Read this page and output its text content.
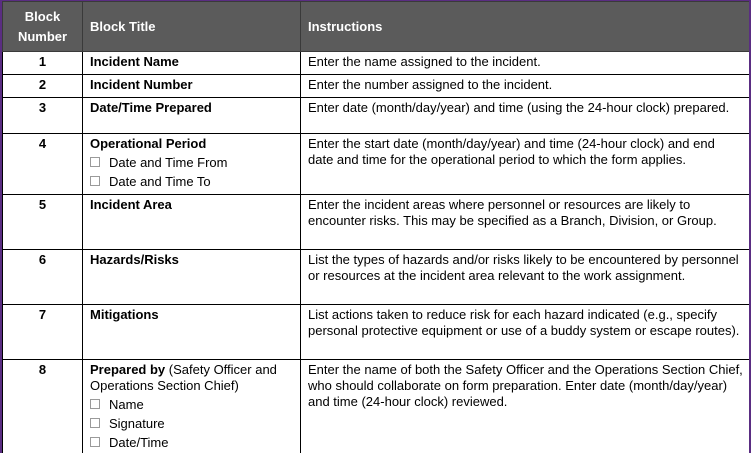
Block Number	Block Title	Instructions
1	Incident Name	Enter the name assigned to the incident.
2	Incident Number	Enter the number assigned to the incident.
3	Date/Time Prepared	Enter date (month/day/year) and time (using the 24-hour clock) prepared.
4	Operational Period
Date and Time From
Date and Time To	Enter the start date (month/day/year) and time (24-hour clock) and end date and time for the operational period to which the form applies.
5	Incident Area	Enter the incident areas where personnel or resources are likely to encounter risks. This may be specified as a Branch, Division, or Group.
6	Hazards/Risks	List the types of hazards and/or risks likely to be encountered by personnel or resources at the incident area relevant to the work assignment.
7	Mitigations	List actions taken to reduce risk for each hazard indicated (e.g., specify personal protective equipment or use of a buddy system or escape routes).
8	Prepared by (Safety Officer and Operations Section Chief)
Name
Signature
Date/Time	Enter the name of both the Safety Officer and the Operations Section Chief, who should collaborate on form preparation. Enter date (month/day/year) and time (24-hour clock) reviewed.
